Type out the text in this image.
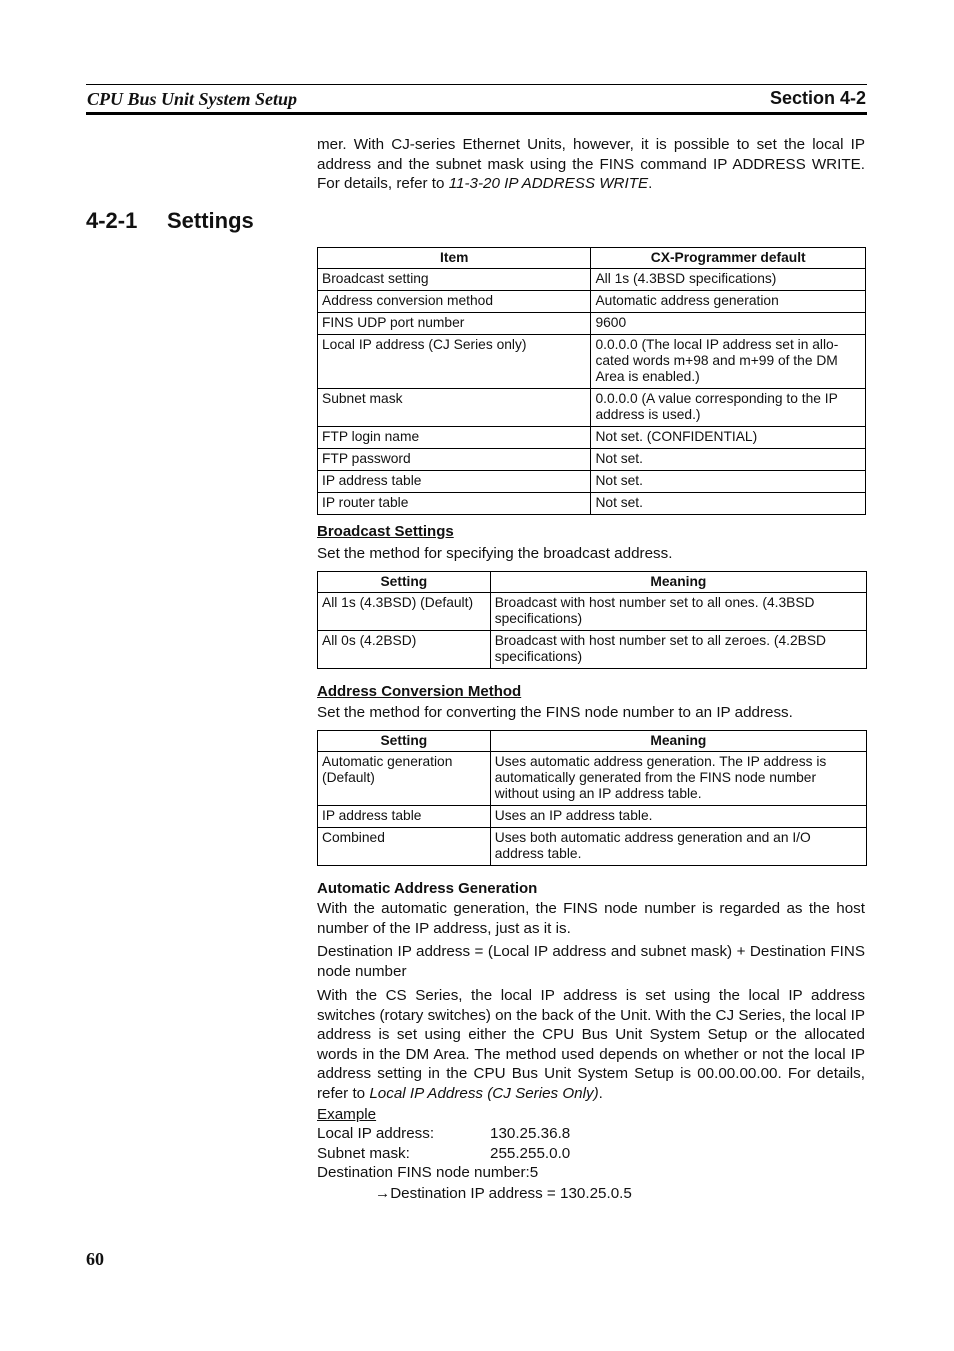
CPU Bus Unit System Setup	Section 4-2

mer. With CJ-series Ethernet Units, however, it is possible to set the local IP address and the subnet mask using the FINS command IP ADDRESS WRITE. For details, refer to 11-3-20 IP ADDRESS WRITE.

4-2-1 Settings
Item	CX-Programmer default
Broadcast setting	All 1s (4.3BSD specifications)
Address conversion method	Automatic address generation
FINS UDP port number	9600
Local IP address (CJ Series only)	0.0.0.0 (The local IP address set in allo-cated words m+98 and m+99 of the DM Area is enabled.)
Subnet mask	0.0.0.0 (A value corresponding to the IP address is used.)
FTP login name	Not set. (CONFIDENTIAL)
FTP password	Not set.
IP address table	Not set.
IP router table	Not set.
Broadcast Settings
Set the method for specifying the broadcast address.
Setting	Meaning
All 1s (4.3BSD) (Default)	Broadcast with host number set to all ones. (4.3BSD specifications)
All 0s (4.2BSD)	Broadcast with host number set to all zeroes. (4.2BSD specifications)
Address Conversion Method
Set the method for converting the FINS node number to an IP address.
Setting	Meaning
Automatic generation (Default)	Uses automatic address generation. The IP address is automatically generated from the FINS node number without using an IP address table.
IP address table	Uses an IP address table.
Combined	Uses both automatic address generation and an I/O address table.
Automatic Address Generation

With the automatic generation, the FINS node number is regarded as the host number of the IP address, just as it is.

Destination IP address = (Local IP address and subnet mask) + Destination FINS node number

With the CS Series, the local IP address is set using the local IP address switches (rotary switches) on the back of the Unit. With the CJ Series, the local IP address is set using either the CPU Bus Unit System Setup or the allocated words in the DM Area. The method used depends on whether or not the local IP address setting in the CPU Bus Unit System Setup is 00.00.00.00. For details, refer to Local IP Address (CJ Series Only).

Example
Local IP address:	130.25.36.8
Subnet mask:	255.255.0.0
Destination FINS node number:5
→Destination IP address = 130.25.0.5
60
